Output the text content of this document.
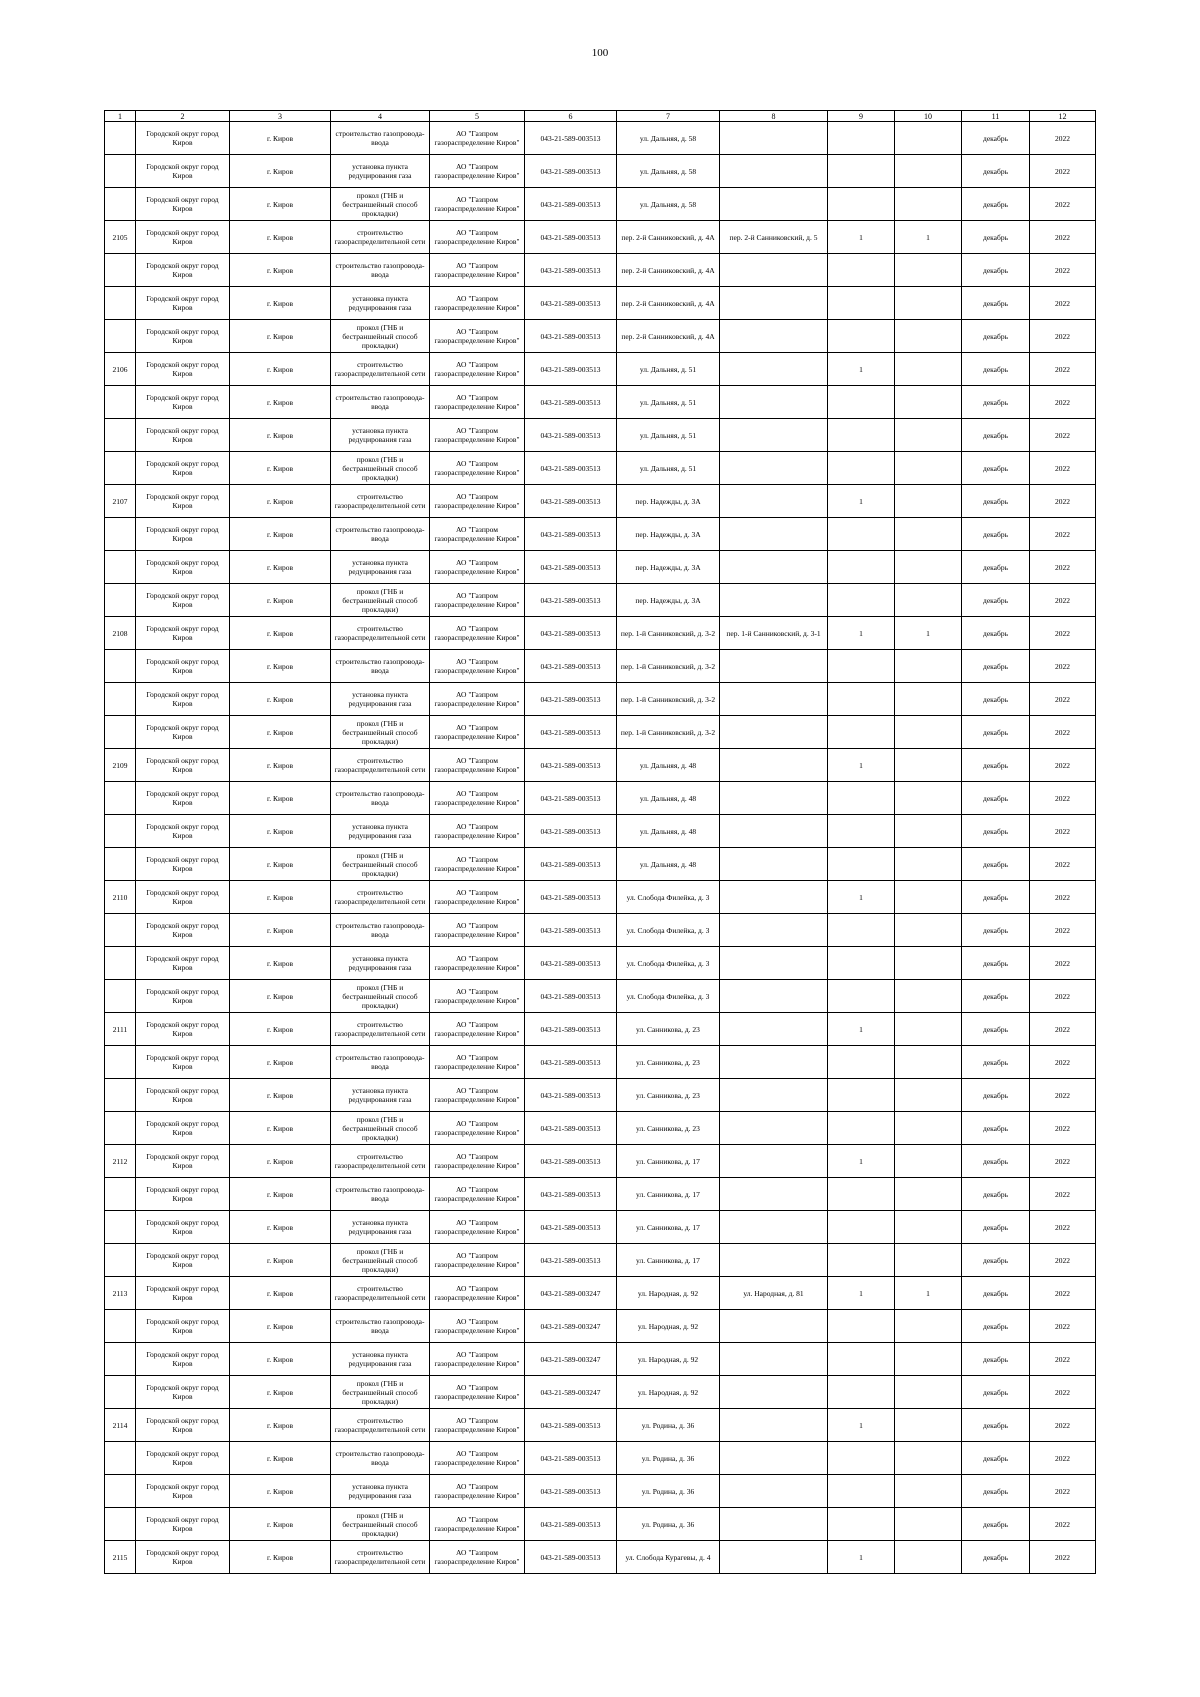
100
1	2	3	4	5	6	7	8	9	10	11	12
	Городской округ город Киров	г. Киров	строительство газопровода-ввода	АО "Газпром газораспределение Киров"	043-21-589-003513	ул. Дальняя, д. 58				декабрь	2022
	Городской округ город Киров	г. Киров	установка пункта редуцирования газа	АО "Газпром газораспределение Киров"	043-21-589-003513	ул. Дальняя, д. 58				декабрь	2022
	Городской округ город Киров	г. Киров	прокол (ГНБ и бестраншейный способ прокладки)	АО "Газпром газораспределение Киров"	043-21-589-003513	ул. Дальняя, д. 58				декабрь	2022
2105	Городской округ город Киров	г. Киров	строительство газораспределительной сети	АО "Газпром газораспределение Киров"	043-21-589-003513	пер. 2-й Санниковский, д. 4А	пер. 2-й Санниковский, д. 5	1	1	декабрь	2022
	Городской округ город Киров	г. Киров	строительство газопровода-ввода	АО "Газпром газораспределение Киров"	043-21-589-003513	пер. 2-й Санниковский, д. 4А				декабрь	2022
	Городской округ город Киров	г. Киров	установка пункта редуцирования газа	АО "Газпром газораспределение Киров"	043-21-589-003513	пер. 2-й Санниковский, д. 4А				декабрь	2022
	Городской округ город Киров	г. Киров	прокол (ГНБ и бестраншейный способ прокладки)	АО "Газпром газораспределение Киров"	043-21-589-003513	пер. 2-й Санниковский, д. 4А				декабрь	2022
2106	Городской округ город Киров	г. Киров	строительство газораспределительной сети	АО "Газпром газораспределение Киров"	043-21-589-003513	ул. Дальняя, д. 51		1		декабрь	2022
	Городской округ город Киров	г. Киров	строительство газопровода-ввода	АО "Газпром газораспределение Киров"	043-21-589-003513	ул. Дальняя, д. 51				декабрь	2022
	Городской округ город Киров	г. Киров	установка пункта редуцирования газа	АО "Газпром газораспределение Киров"	043-21-589-003513	ул. Дальняя, д. 51				декабрь	2022
	Городской округ город Киров	г. Киров	прокол (ГНБ и бестраншейный способ прокладки)	АО "Газпром газораспределение Киров"	043-21-589-003513	ул. Дальняя, д. 51				декабрь	2022
2107	Городской округ город Киров	г. Киров	строительство газораспределительной сети	АО "Газпром газораспределение Киров"	043-21-589-003513	пер. Надежды, д. 3А		1		декабрь	2022
	Городской округ город Киров	г. Киров	строительство газопровода-ввода	АО "Газпром газораспределение Киров"	043-21-589-003513	пер. Надежды, д. 3А				декабрь	2022
	Городской округ город Киров	г. Киров	установка пункта редуцирования газа	АО "Газпром газораспределение Киров"	043-21-589-003513	пер. Надежды, д. 3А				декабрь	2022
	Городской округ город Киров	г. Киров	прокол (ГНБ и бестраншейный способ прокладки)	АО "Газпром газораспределение Киров"	043-21-589-003513	пер. Надежды, д. 3А				декабрь	2022
2108	Городской округ город Киров	г. Киров	строительство газораспределительной сети	АО "Газпром газораспределение Киров"	043-21-589-003513	пер. 1-й Санниковский, д. 3-2	пер. 1-й Санниковский, д. 3-1	1	1	декабрь	2022
	Городской округ город Киров	г. Киров	строительство газопровода-ввода	АО "Газпром газораспределение Киров"	043-21-589-003513	пер. 1-й Санниковский, д. 3-2				декабрь	2022
	Городской округ город Киров	г. Киров	установка пункта редуцирования газа	АО "Газпром газораспределение Киров"	043-21-589-003513	пер. 1-й Санниковский, д. 3-2				декабрь	2022
	Городской округ город Киров	г. Киров	прокол (ГНБ и бестраншейный способ прокладки)	АО "Газпром газораспределение Киров"	043-21-589-003513	пер. 1-й Санниковский, д. 3-2				декабрь	2022
2109	Городской округ город Киров	г. Киров	строительство газораспределительной сети	АО "Газпром газораспределение Киров"	043-21-589-003513	ул. Дальняя, д. 48		1		декабрь	2022
	Городской округ город Киров	г. Киров	строительство газопровода-ввода	АО "Газпром газораспределение Киров"	043-21-589-003513	ул. Дальняя, д. 48				декабрь	2022
	Городской округ город Киров	г. Киров	установка пункта редуцирования газа	АО "Газпром газораспределение Киров"	043-21-589-003513	ул. Дальняя, д. 48				декабрь	2022
	Городской округ город Киров	г. Киров	прокол (ГНБ и бестраншейный способ прокладки)	АО "Газпром газораспределение Киров"	043-21-589-003513	ул. Дальняя, д. 48				декабрь	2022
2110	Городской округ город Киров	г. Киров	строительство газораспределительной сети	АО "Газпром газораспределение Киров"	043-21-589-003513	ул. Слобода Филейка, д. 3		1		декабрь	2022
	Городской округ город Киров	г. Киров	строительство газопровода-ввода	АО "Газпром газораспределение Киров"	043-21-589-003513	ул. Слобода Филейка, д. 3				декабрь	2022
	Городской округ город Киров	г. Киров	установка пункта редуцирования газа	АО "Газпром газораспределение Киров"	043-21-589-003513	ул. Слобода Филейка, д. 3				декабрь	2022
	Городской округ город Киров	г. Киров	прокол (ГНБ и бестраншейный способ прокладки)	АО "Газпром газораспределение Киров"	043-21-589-003513	ул. Слобода Филейка, д. 3				декабрь	2022
2111	Городской округ город Киров	г. Киров	строительство газораспределительной сети	АО "Газпром газораспределение Киров"	043-21-589-003513	ул. Санникова, д. 23		1		декабрь	2022
	Городской округ город Киров	г. Киров	строительство газопровода-ввода	АО "Газпром газораспределение Киров"	043-21-589-003513	ул. Санникова, д. 23				декабрь	2022
	Городской округ город Киров	г. Киров	установка пункта редуцирования газа	АО "Газпром газораспределение Киров"	043-21-589-003513	ул. Санникова, д. 23				декабрь	2022
	Городской округ город Киров	г. Киров	прокол (ГНБ и бестраншейный способ прокладки)	АО "Газпром газораспределение Киров"	043-21-589-003513	ул. Санникова, д. 23				декабрь	2022
2112	Городской округ город Киров	г. Киров	строительство газораспределительной сети	АО "Газпром газораспределение Киров"	043-21-589-003513	ул. Санникова, д. 17		1		декабрь	2022
	Городской округ город Киров	г. Киров	строительство газопровода-ввода	АО "Газпром газораспределение Киров"	043-21-589-003513	ул. Санникова, д. 17				декабрь	2022
	Городской округ город Киров	г. Киров	установка пункта редуцирования газа	АО "Газпром газораспределение Киров"	043-21-589-003513	ул. Санникова, д. 17				декабрь	2022
	Городской округ город Киров	г. Киров	прокол (ГНБ и бестраншейный способ прокладки)	АО "Газпром газораспределение Киров"	043-21-589-003513	ул. Санникова, д. 17				декабрь	2022
2113	Городской округ город Киров	г. Киров	строительство газораспределительной сети	АО "Газпром газораспределение Киров"	043-21-589-003247	ул. Народная, д. 92	ул. Народная, д. 81	1	1	декабрь	2022
	Городской округ город Киров	г. Киров	строительство газопровода-ввода	АО "Газпром газораспределение Киров"	043-21-589-003247	ул. Народная, д. 92				декабрь	2022
	Городской округ город Киров	г. Киров	установка пункта редуцирования газа	АО "Газпром газораспределение Киров"	043-21-589-003247	ул. Народная, д. 92				декабрь	2022
	Городской округ город Киров	г. Киров	прокол (ГНБ и бестраншейный способ прокладки)	АО "Газпром газораспределение Киров"	043-21-589-003247	ул. Народная, д. 92				декабрь	2022
2114	Городской округ город Киров	г. Киров	строительство газораспределительной сети	АО "Газпром газораспределение Киров"	043-21-589-003513	ул. Родина, д. 36		1		декабрь	2022
	Городской округ город Киров	г. Киров	строительство газопровода-ввода	АО "Газпром газораспределение Киров"	043-21-589-003513	ул. Родина, д. 36				декабрь	2022
	Городской округ город Киров	г. Киров	установка пункта редуцирования газа	АО "Газпром газораспределение Киров"	043-21-589-003513	ул. Родина, д. 36				декабрь	2022
	Городской округ город Киров	г. Киров	прокол (ГНБ и бестраншейный способ прокладки)	АО "Газпром газораспределение Киров"	043-21-589-003513	ул. Родина, д. 36				декабрь	2022
2115	Городской округ город Киров	г. Киров	строительство газораспределительной сети	АО "Газпром газораспределение Киров"	043-21-589-003513	ул. Слобода Курагевы, д. 4		1		декабрь	2022
